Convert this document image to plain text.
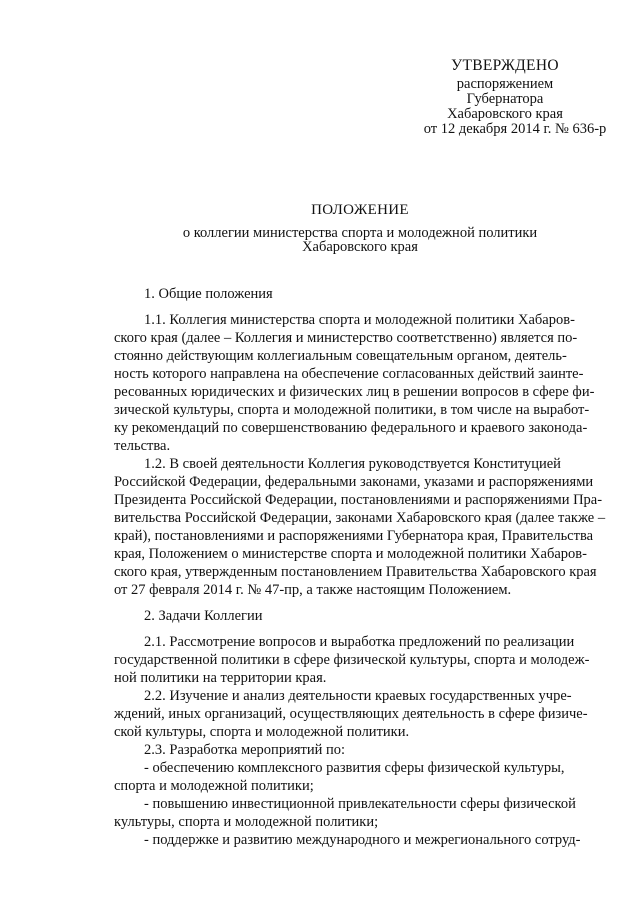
УТВЕРЖДЕНО
распоряжением
Губернатора
Хабаровского края
от 12 декабря 2014 г. № 636-р
ПОЛОЖЕНИЕ
о коллегии министерства спорта и молодежной политики
Хабаровского края

1. Общие положения

1.1. Коллегия министерства спорта и молодежной политики Хабаров-

ского края (далее – Коллегия и министерство соответственно) является по-

стоянно действующим коллегиальным совещательным органом, деятель-

ность которого направлена на обеспечение согласованных действий заинте-

ресованных юридических и физических лиц в решении вопросов в сфере фи-

зической культуры, спорта и молодежной политики, в том числе на выработ-

ку рекомендаций по совершенствованию федерального и краевого законода-

тельства.

1.2. В своей деятельности Коллегия руководствуется Конституцией

Российской Федерации, федеральными законами, указами и распоряжениями

Президента Российской Федерации, постановлениями и распоряжениями Пра-

вительства Российской Федерации, законами Хабаровского края (далее также –

край), постановлениями и распоряжениями Губернатора края, Правительства

края, Положением о министерстве спорта и молодежной политики Хабаров-

ского края, утвержденным постановлением Правительства Хабаровского края

от 27 февраля 2014 г. № 47-пр, а также настоящим Положением.

2. Задачи Коллегии

2.1. Рассмотрение вопросов и выработка предложений по реализации

государственной политики в сфере физической культуры, спорта и молодеж-

ной политики на территории края.

2.2. Изучение и анализ деятельности краевых государственных учре-

ждений, иных организаций, осуществляющих деятельность в сфере физиче-

ской культуры, спорта и молодежной политики.

2.3. Разработка мероприятий по:

- обеспечению комплексного развития сферы физической культуры,

спорта и молодежной политики;

- повышению инвестиционной привлекательности сферы физической

культуры, спорта и молодежной политики;

- поддержке и развитию международного и межрегионального сотруд-
